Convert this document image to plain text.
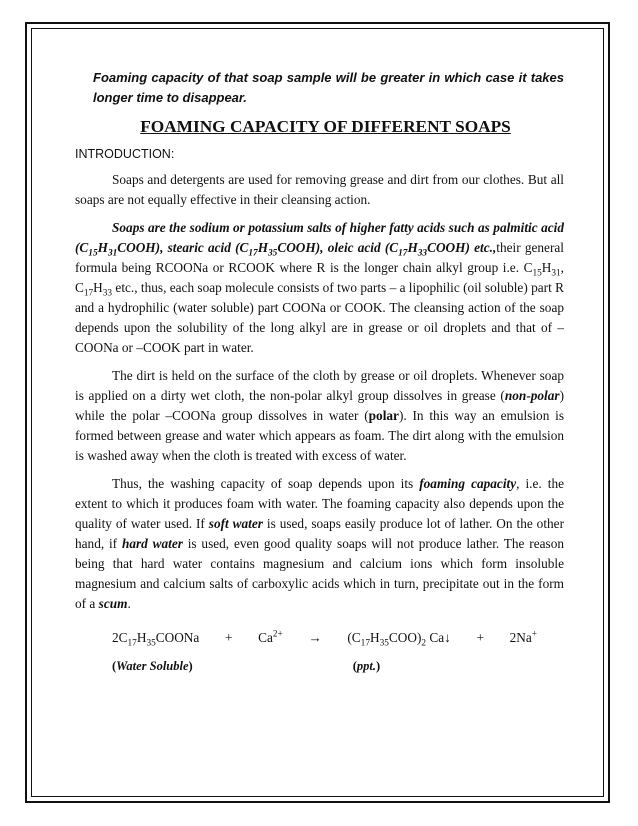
Foaming capacity of that soap sample will be greater in which case it takes longer time to disappear.

FOAMING CAPACITY OF DIFFERENT SOAPS

INTRODUCTION:

Soaps and detergents are used for removing grease and dirt from our clothes. But all soaps are not equally effective in their cleansing action.

Soaps are the sodium or potassium salts of higher fatty acids such as palmitic acid $(C_{15}H_{31}COOH)$, stearic acid $(C_{17}H_{35}COOH)$, oleic acid $(C_{17}H_{33}COOH)$ etc.,their general formula being RCOONa or RCOOK where R is the longer chain alkyl group i.e. $C_{15}H_{31}$, $C_{17}H_{33}$ etc., thus, each soap molecule consists of two parts – a lipophilic (oil soluble) part R and a hydrophilic (water soluble) part COONa or COOK. The cleansing action of the soap depends upon the solubility of the long alkyl are in grease or oil droplets and that of –COONa or –COOK part in water.

The dirt is held on the surface of the cloth by grease or oil droplets. Whenever soap is applied on a dirty wet cloth, the non-polar alkyl group dissolves in grease (non-polar) while the polar –COONa group dissolves in water (polar). In this way an emulsion is formed between grease and water which appears as foam. The dirt along with the emulsion is washed away when the cloth is treated with excess of water.

Thus, the washing capacity of soap depends upon its foaming capacity, i.e. the extent to which it produces foam with water. The foaming capacity also depends upon the quality of water used. If soft water is used, soaps easily produce lot of lather. On the other hand, if hard water is used, even good quality soaps will not produce lather. The reason being that hard water contains magnesium and calcium ions which form insoluble magnesium and calcium salts of carboxylic acids which in turn, precipitate out in the form of a scum.

$2C_{17}H_{35}COONa + Ca^{2+} \to (C_{17}H_{35}COO)_2$ Ca↓ + 2Na+
(Water Soluble)	(ppt.)
